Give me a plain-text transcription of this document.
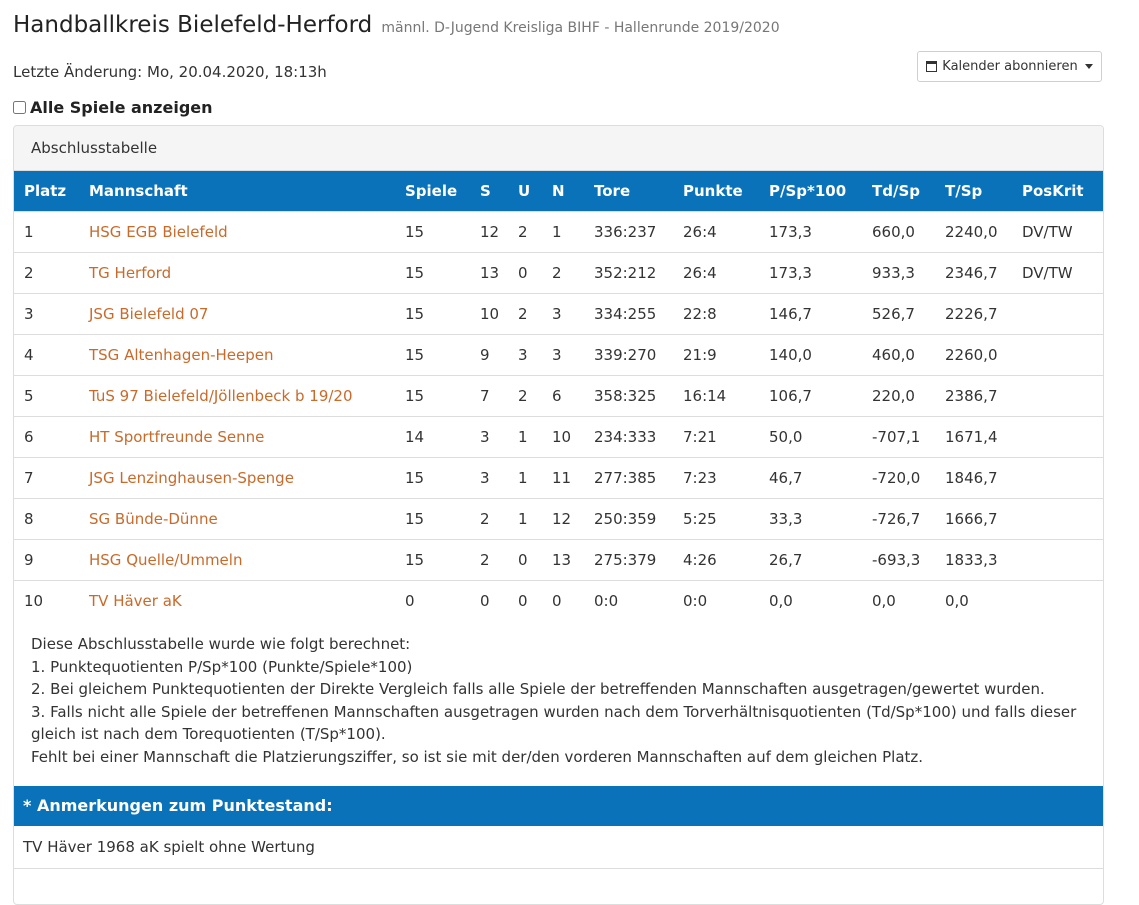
Handballkreis Bielefeld-Herford männl. D-Jugend Kreisliga BIHF - Hallenrunde 2019/2020
Letzte Änderung: Mo, 20.04.2020, 18:13h	Kalender abonnieren
Alle Spiele anzeigen
Abschlusstabelle
Platz	Mannschaft	Spiele	S	U	N	Tore	Punkte	P/Sp*100	Td/Sp	T/Sp	PosKrit
1	HSG EGB Bielefeld	15	12	2	1	336:237	26:4	173,3	660,0	2240,0	DV/TW
2	TG Herford	15	13	0	2	352:212	26:4	173,3	933,3	2346,7	DV/TW
3	JSG Bielefeld 07	15	10	2	3	334:255	22:8	146,7	526,7	2226,7	
4	TSG Altenhagen-Heepen	15	9	3	3	339:270	21:9	140,0	460,0	2260,0	
5	TuS 97 Bielefeld/Jöllenbeck b 19/20	15	7	2	6	358:325	16:14	106,7	220,0	2386,7	
6	HT Sportfreunde Senne	14	3	1	10	234:333	7:21	50,0	-707,1	1671,4	
7	JSG Lenzinghausen-Spenge	15	3	1	11	277:385	7:23	46,7	-720,0	1846,7	
8	SG Bünde-Dünne	15	2	1	12	250:359	5:25	33,3	-726,7	1666,7	
9	HSG Quelle/Ummeln	15	2	0	13	275:379	4:26	26,7	-693,3	1833,3	
10	TV Häver aK	0	0	0	0	0:0	0:0	0,0	0,0	0,0	
Diese Abschlusstabelle wurde wie folgt berechnet:
1. Punktequotienten P/Sp*100 (Punkte/Spiele*100)
2. Bei gleichem Punktequotienten der Direkte Vergleich falls alle Spiele der betreffenden Mannschaften ausgetragen/gewertet wurden.
3. Falls nicht alle Spiele der betreffenen Mannschaften ausgetragen wurden nach dem Torverhältnisquotienten (Td/Sp*100) und falls dieser gleich ist nach dem Torequotienten (T/Sp*100).
Fehlt bei einer Mannschaft die Platzierungsziffer, so ist sie mit der/den vorderen Mannschaften auf dem gleichen Platz.
* Anmerkungen zum Punktestand:
TV Häver 1968 aK spielt ohne Wertung
